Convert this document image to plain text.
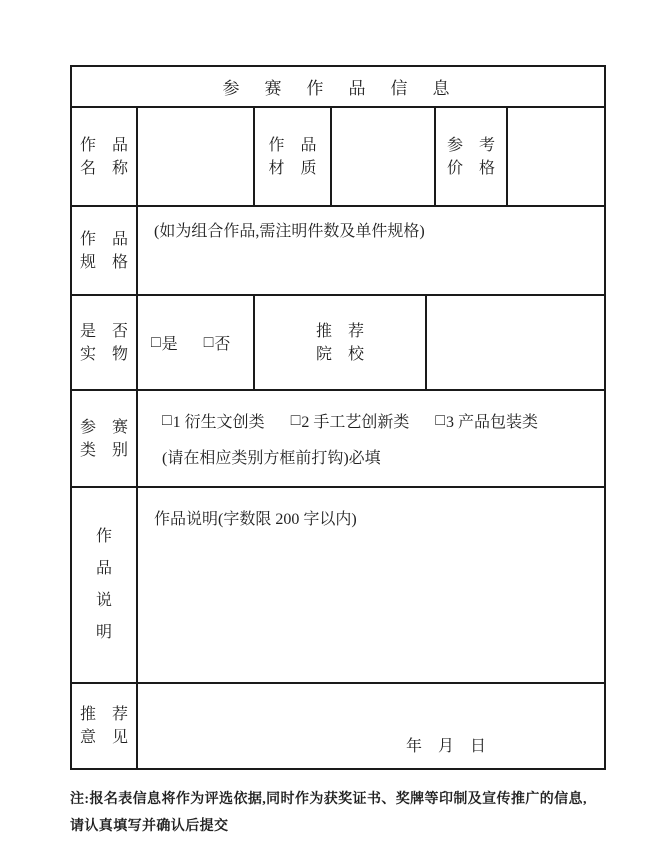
参　赛　作　品　信　息
作　品
名　称
作　品
材　质
参　考
价　格
作　品
规　格
(如为组合作品,需注明件数及单件规格)
是　否
实　物
□ 是 □ 否
推　荐
院　校
参　赛
类　别
□ 1 衍生文创类 □ 2 手工艺创新类 □ 3 产品包装类
(请在相应类别方框前打钩)必填
作
品
说
明
作品说明(字数限 200 字以内)
推　荐
意　见
年　月　日
注:报名表信息将作为评选依据,同时作为获奖证书、奖牌等印制及宣传推广的信息,
请认真填写并确认后提交
